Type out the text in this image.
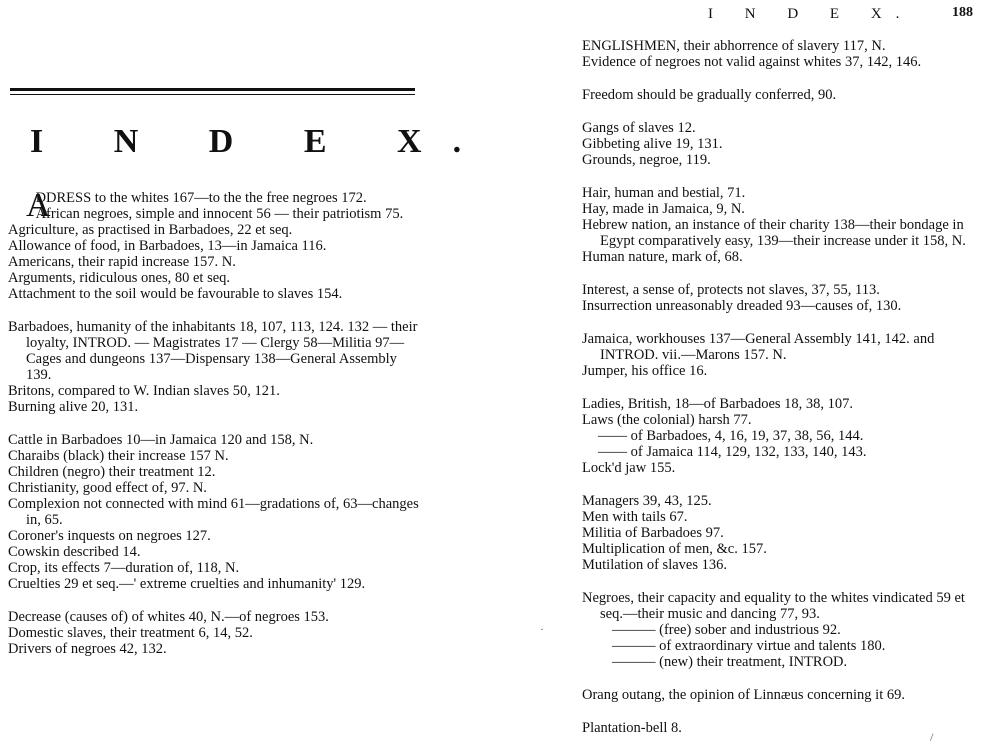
I N D E X.
A
DDRESS to the whites 167—to the the free negroes 172.
African negroes, simple and innocent 56 — their patriotism 75.
Agriculture, as practised in Barbadoes, 22 et seq.
Allowance of food, in Barbadoes, 13—in Jamaica 116.
Americans, their rapid increase 157. N.
Arguments, ridiculous ones, 80 et seq.
Attachment to the soil would be favourable to slaves 154.
Barbadoes, humanity of the inhabitants 18, 107, 113, 124. 132 — their loyalty, INTROD. — Magistrates 17 — Clergy 58—Militia 97—Cages and dungeons 137—Dispensary 138—General Assembly 139.
Britons, compared to W. Indian slaves 50, 121.
Burning alive 20, 131.
Cattle in Barbadoes 10—in Jamaica 120 and 158, N.
Charaibs (black) their increase 157 N.
Children (negro) their treatment 12.
Christianity, good effect of, 97. N.
Complexion not connected with mind 61—gradations of, 63—changes in, 65.
Coroner's inquests on negroes 127.
Cowskin described 14.
Crop, its effects 7—duration of, 118, N.
Cruelties 29 et seq.—' extreme cruelties and inhumanity' 129.
Decrease (causes of) of whites 40, N.—of negroes 153.
Domestic slaves, their treatment 6, 14, 52.
Drivers of negroes 42, 132.
I N D E X.	188
ENGLISHMEN, their abhorrence of slavery 117, N.
Evidence of negroes not valid against whites 37, 142, 146.
Freedom should be gradually conferred, 90.
Gangs of slaves 12.
Gibbeting alive 19, 131.
Grounds, negroe, 119.
Hair, human and bestial, 71.
Hay, made in Jamaica, 9, N.
Hebrew nation, an instance of their charity 138—their bondage in Egypt comparatively easy, 139—their increase under it 158, N.
Human nature, mark of, 68.
Interest, a sense of, protects not slaves, 37, 55, 113.
Insurrection unreasonably dreaded 93—causes of, 130.
Jamaica, workhouses 137—General Assembly 141, 142. and INTROD. vii.—Marons 157. N.
Jumper, his office 16.
Ladies, British, 18—of Barbadoes 18, 38, 107.
Laws (the colonial) harsh 77.
—— of Barbadoes, 4, 16, 19, 37, 38, 56, 144.
—— of Jamaica 114, 129, 132, 133, 140, 143.
Lock'd jaw 155.
Managers 39, 43, 125.
Men with tails 67.
Militia of Barbadoes 97.
Multiplication of men, &c. 157.
Mutilation of slaves 136.
Negroes, their capacity and equality to the whites vindicated 59 et seq.—their music and dancing 77, 93.
——— (free) sober and industrious 92.
——— of extraordinary virtue and talents 180.
——— (new) their treatment, INTROD.
Orang outang, the opinion of Linnæus concerning it 69.
Plantation-bell 8.
·
/
